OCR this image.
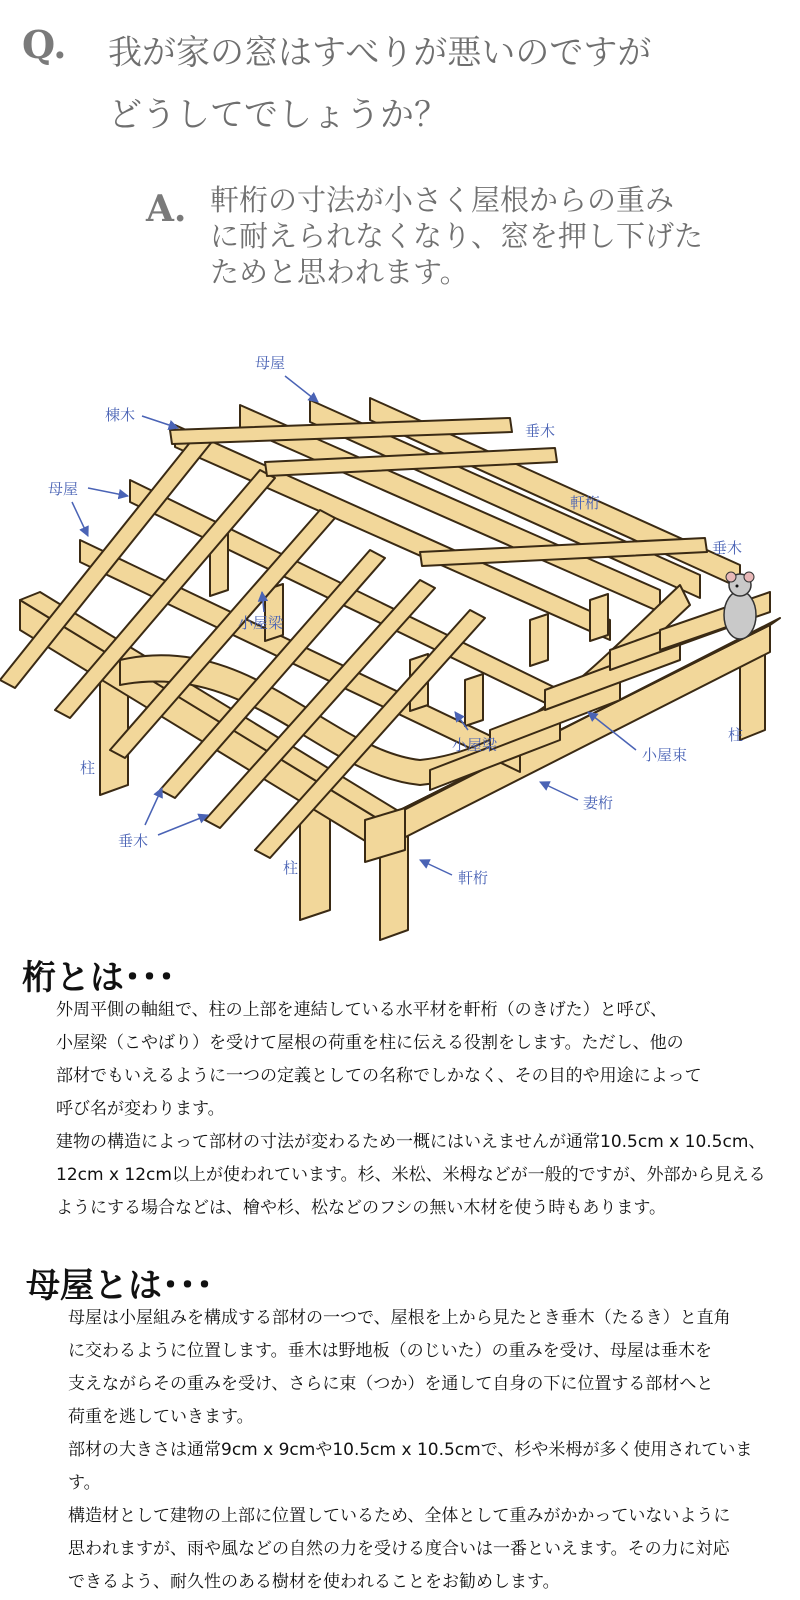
Q. 我が家の窓はすべりが悪いのですが
どうしてでしょうか？
A. 軒桁の寸法が小さく屋根からの重み
に耐えられなくなり、窓を押し下げた
ためと思われます。
母屋
棟木
垂木
軒桁
母屋
垂木
小屋梁
柱
小屋梁
小屋束
柱
妻桁
垂木
柱
軒桁
桁とは･･･

外周平側の軸組で、柱の上部を連結している水平材を軒桁（のきげた）と呼び、

小屋梁（こやばり）を受けて屋根の荷重を柱に伝える役割をします。ただし、他の

部材でもいえるように一つの定義としての名称でしかなく、その目的や用途によって

呼び名が変わります。

建物の構造によって部材の寸法が変わるため一概にはいえませんが通常10.5cm x 10.5cm、

12cm x 12cm以上が使われています。杉、米松、米栂などが一般的ですが、外部から見える

ようにする場合などは、檜や杉、松などのフシの無い木材を使う時もあります。

母屋とは･･･

母屋は小屋組みを構成する部材の一つで、屋根を上から見たとき垂木（たるき）と直角

に交わるように位置します。垂木は野地板（のじいた）の重みを受け、母屋は垂木を

支えながらその重みを受け、さらに束（つか）を通して自身の下に位置する部材へと

荷重を逃していきます。

部材の大きさは通常9cm x 9cmや10.5cm x 10.5cmで、杉や米栂が多く使用されています。

構造材として建物の上部に位置しているため、全体として重みがかかっていないように

思われますが、雨や風などの自然の力を受ける度合いは一番といえます。その力に対応

できるよう、耐久性のある樹材を使われることをお勧めします。
